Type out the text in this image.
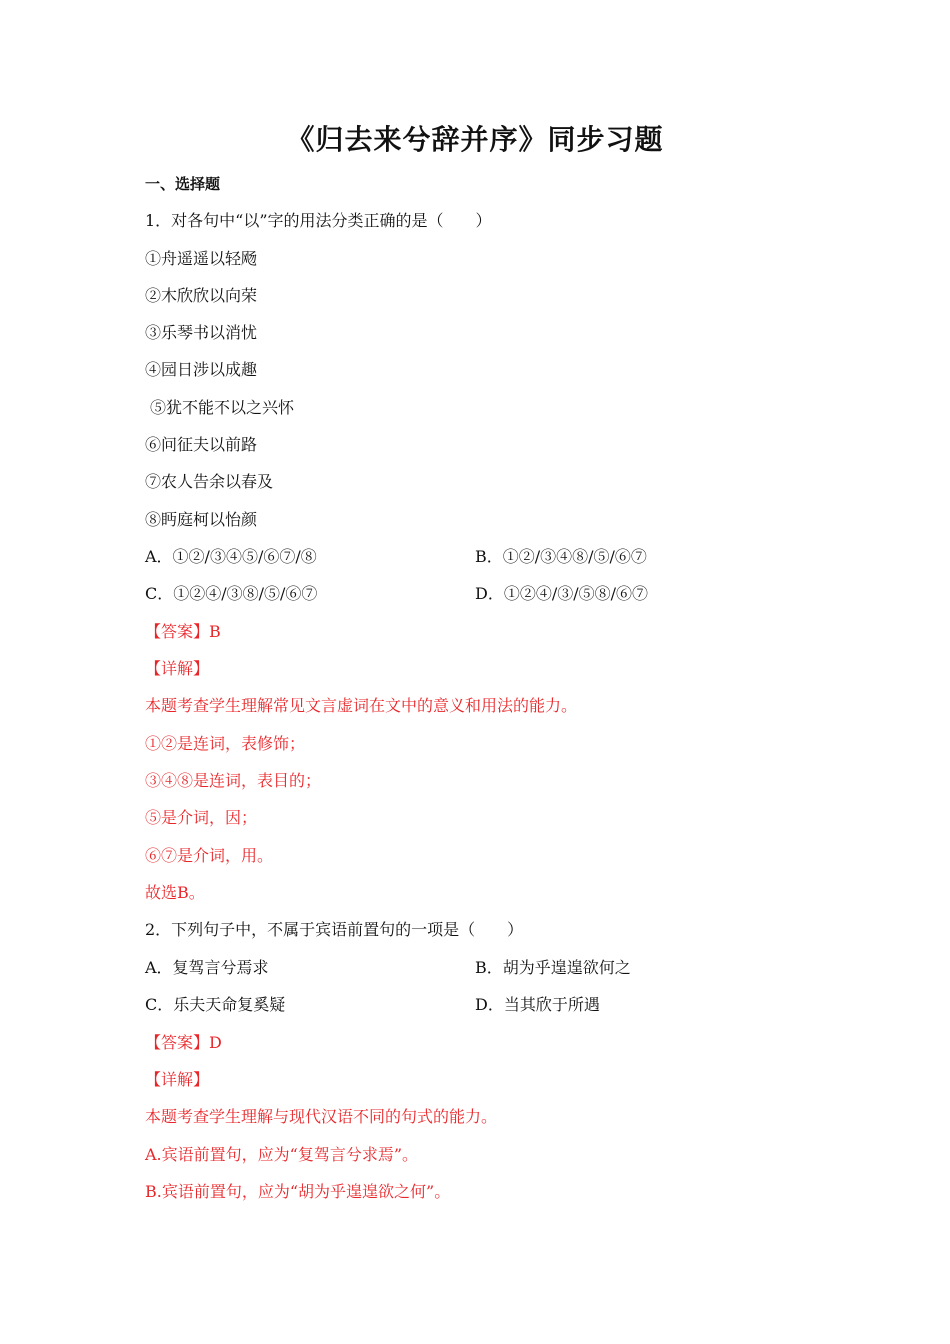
《归去来兮辞并序》同步习题
一、选择题
1．对各句中“以”字的用法分类正确的是（　　）
①舟遥遥以轻飏
②木欣欣以向荣
③乐琴书以消忧
④园日涉以成趣
⑤犹不能不以之兴怀
⑥问征夫以前路
⑦农人告余以春及
⑧眄庭柯以怡颜
A．①②/③④⑤/⑥⑦/⑧	B．①②/③④⑧/⑤/⑥⑦
C．①②④/③⑧/⑤/⑥⑦	D．①②④/③/⑤⑧/⑥⑦
【答案】B
【详解】
本题考查学生理解常见文言虚词在文中的意义和用法的能力。
①②是连词，表修饰；
③④⑧是连词，表目的；
⑤是介词，因；
⑥⑦是介词，用。
故选B。
2．下列句子中，不属于宾语前置句的一项是（　　）
A．复驾言兮焉求	B．胡为乎遑遑欲何之
C．乐夫天命复奚疑	D．当其欣于所遇
【答案】D
【详解】
本题考查学生理解与现代汉语不同的句式的能力。
A.宾语前置句，应为“复驾言兮求焉”。
B.宾语前置句，应为“胡为乎遑遑欲之何”。
